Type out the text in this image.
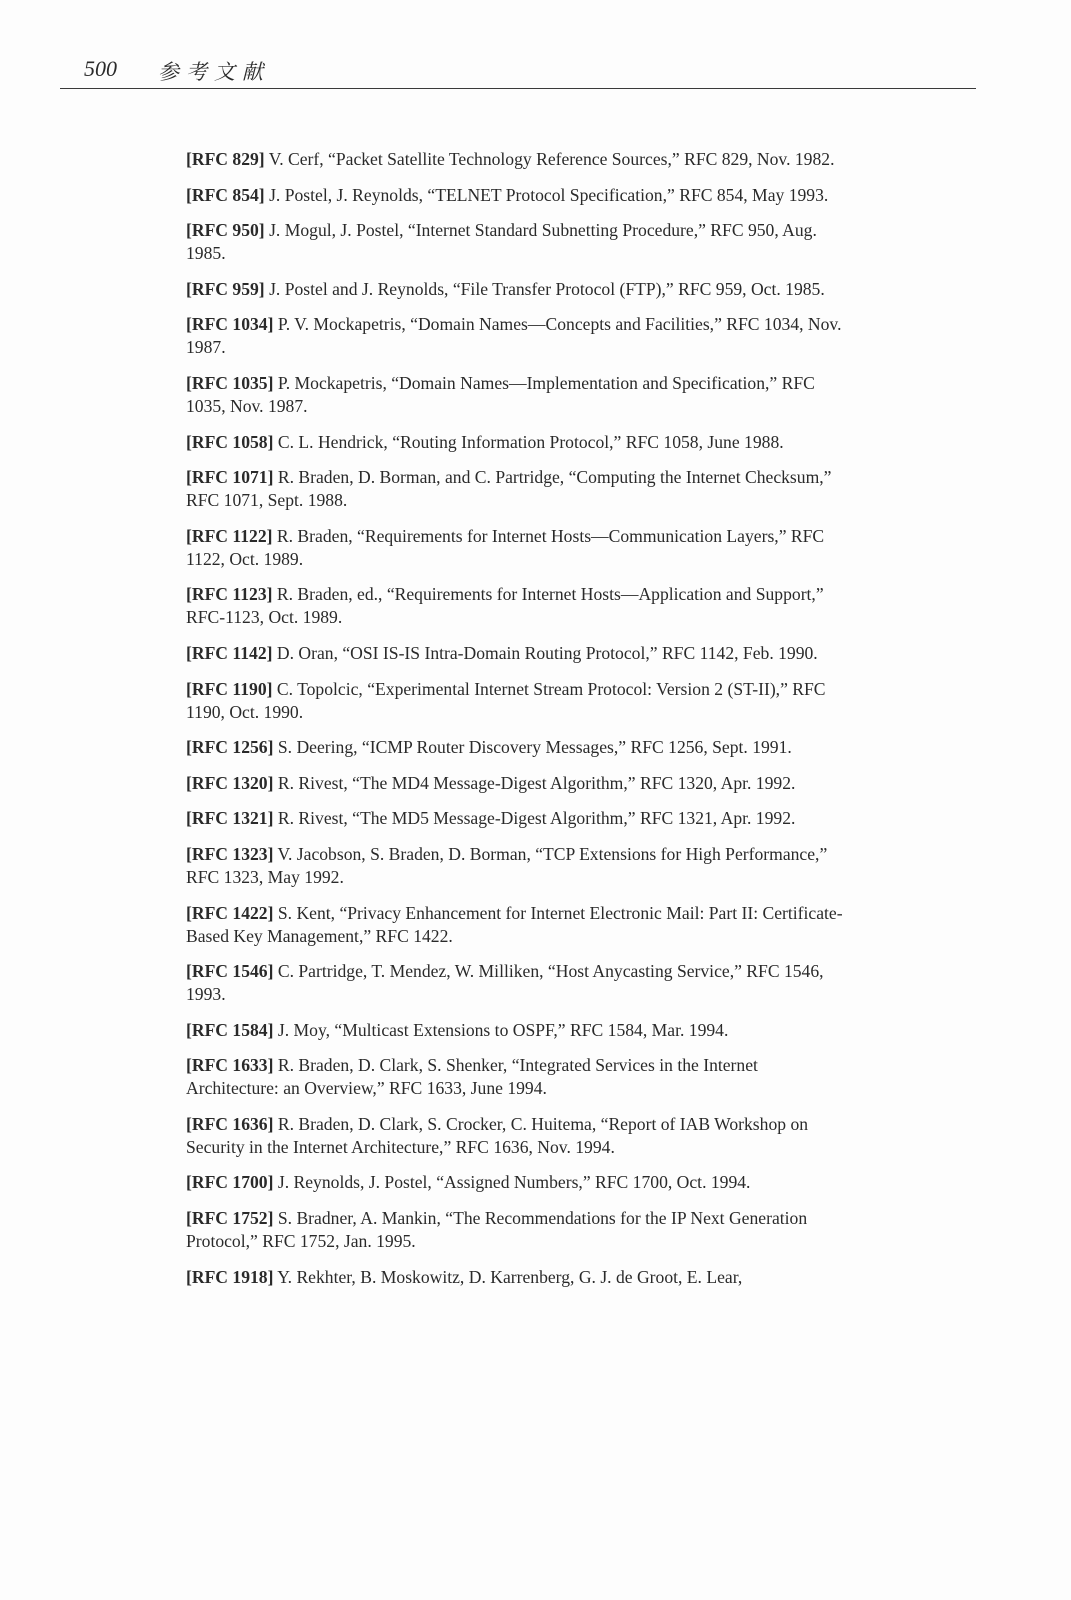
500 参考文献

[RFC 829] V. Cerf, “Packet Satellite Technology Reference Sources,” RFC 829, Nov. 1982.

[RFC 854] J. Postel, J. Reynolds, “TELNET Protocol Specification,” RFC 854, May 1993.

[RFC 950] J. Mogul, J. Postel, “Internet Standard Subnetting Procedure,” RFC 950, Aug. 1985.

[RFC 959] J. Postel and J. Reynolds, “File Transfer Protocol (FTP),” RFC 959, Oct. 1985.

[RFC 1034] P. V. Mockapetris, “Domain Names—Concepts and Facilities,” RFC 1034, Nov. 1987.

[RFC 1035] P. Mockapetris, “Domain Names—Implementation and Specification,” RFC 1035, Nov. 1987.

[RFC 1058] C. L. Hendrick, “Routing Information Protocol,” RFC 1058, June 1988.

[RFC 1071] R. Braden, D. Borman, and C. Partridge, “Computing the Internet Checksum,” RFC 1071, Sept. 1988.

[RFC 1122] R. Braden, “Requirements for Internet Hosts—Communication Layers,” RFC 1122, Oct. 1989.

[RFC 1123] R. Braden, ed., “Requirements for Internet Hosts—Application and Support,” RFC-1123, Oct. 1989.

[RFC 1142] D. Oran, “OSI IS-IS Intra-Domain Routing Protocol,” RFC 1142, Feb. 1990.

[RFC 1190] C. Topolcic, “Experimental Internet Stream Protocol: Version 2 (ST-II),” RFC 1190, Oct. 1990.

[RFC 1256] S. Deering, “ICMP Router Discovery Messages,” RFC 1256, Sept. 1991.

[RFC 1320] R. Rivest, “The MD4 Message-Digest Algorithm,” RFC 1320, Apr. 1992.

[RFC 1321] R. Rivest, “The MD5 Message-Digest Algorithm,” RFC 1321, Apr. 1992.

[RFC 1323] V. Jacobson, S. Braden, D. Borman, “TCP Extensions for High Performance,” RFC 1323, May 1992.

[RFC 1422] S. Kent, “Privacy Enhancement for Internet Electronic Mail: Part II: Certificate-Based Key Management,” RFC 1422.

[RFC 1546] C. Partridge, T. Mendez, W. Milliken, “Host Anycasting Service,” RFC 1546, 1993.

[RFC 1584] J. Moy, “Multicast Extensions to OSPF,” RFC 1584, Mar. 1994.

[RFC 1633] R. Braden, D. Clark, S. Shenker, “Integrated Services in the Internet Architecture: an Overview,” RFC 1633, June 1994.

[RFC 1636] R. Braden, D. Clark, S. Crocker, C. Huitema, “Report of IAB Workshop on Security in the Internet Architecture,” RFC 1636, Nov. 1994.

[RFC 1700] J. Reynolds, J. Postel, “Assigned Numbers,” RFC 1700, Oct. 1994.

[RFC 1752] S. Bradner, A. Mankin, “The Recommendations for the IP Next Generation Protocol,” RFC 1752, Jan. 1995.

[RFC 1918] Y. Rekhter, B. Moskowitz, D. Karrenberg, G. J. de Groot, E. Lear,
